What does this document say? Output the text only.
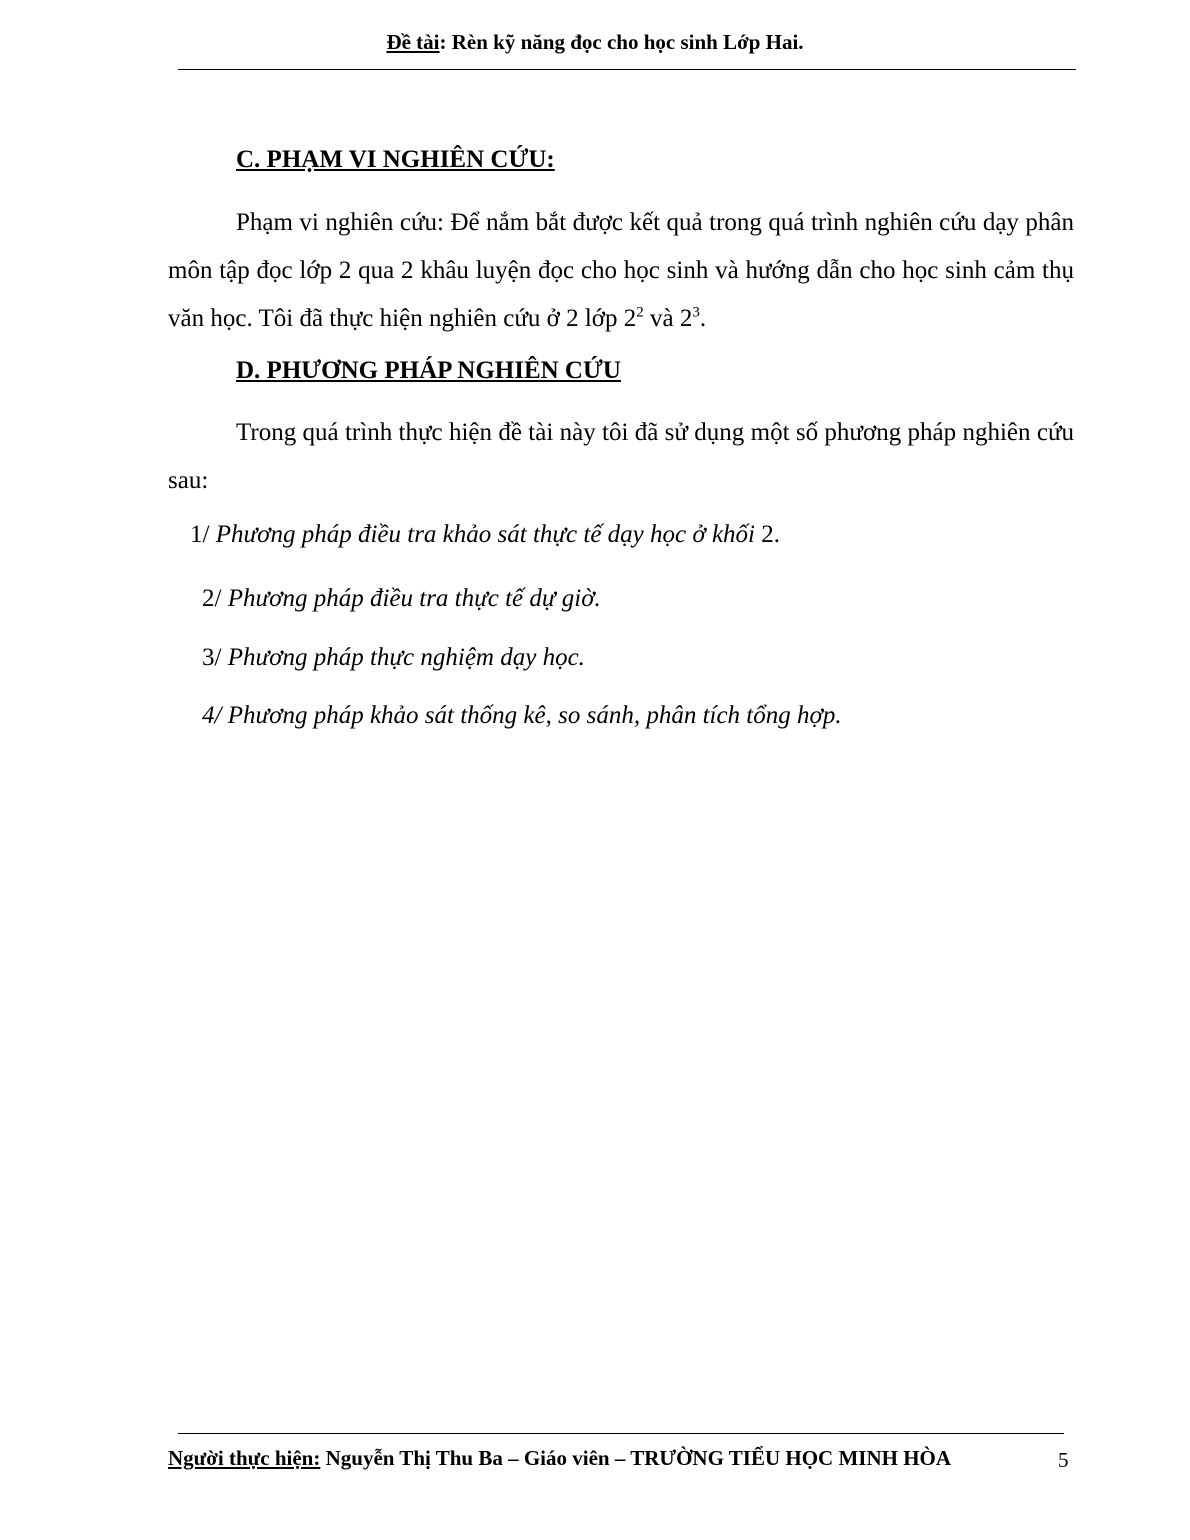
Đề tài: Rèn kỹ năng đọc cho học sinh Lớp Hai.
C. PHẠM VI NGHIÊN CỨU:
Phạm vi nghiên cứu: Để nắm bắt được kết quả trong quá trình nghiên cứu dạy phân môn tập đọc lớp 2 qua 2 khâu luyện đọc cho học sinh và hướng dẫn cho học sinh cảm thụ văn học. Tôi đã thực hiện nghiên cứu ở 2 lớp $2^2$ và $2^3$.
D. PHƯƠNG PHÁP NGHIÊN CỨU
Trong quá trình thực hiện đề tài này tôi đã sử dụng một số phương pháp nghiên cứu sau:
1/ Phương pháp điều tra khảo sát thực tế dạy học ở khối 2.
2/ Phương pháp điều tra thực tế dự giờ.
3/ Phương pháp thực nghiệm dạy học.
4/ Phương pháp khảo sát thống kê, so sánh, phân tích tổng hợp.
Người thực hiện: Nguyễn Thị Thu Ba – Giáo viên – TRƯỜNG TIỂU HỌC MINH HÒA	5
